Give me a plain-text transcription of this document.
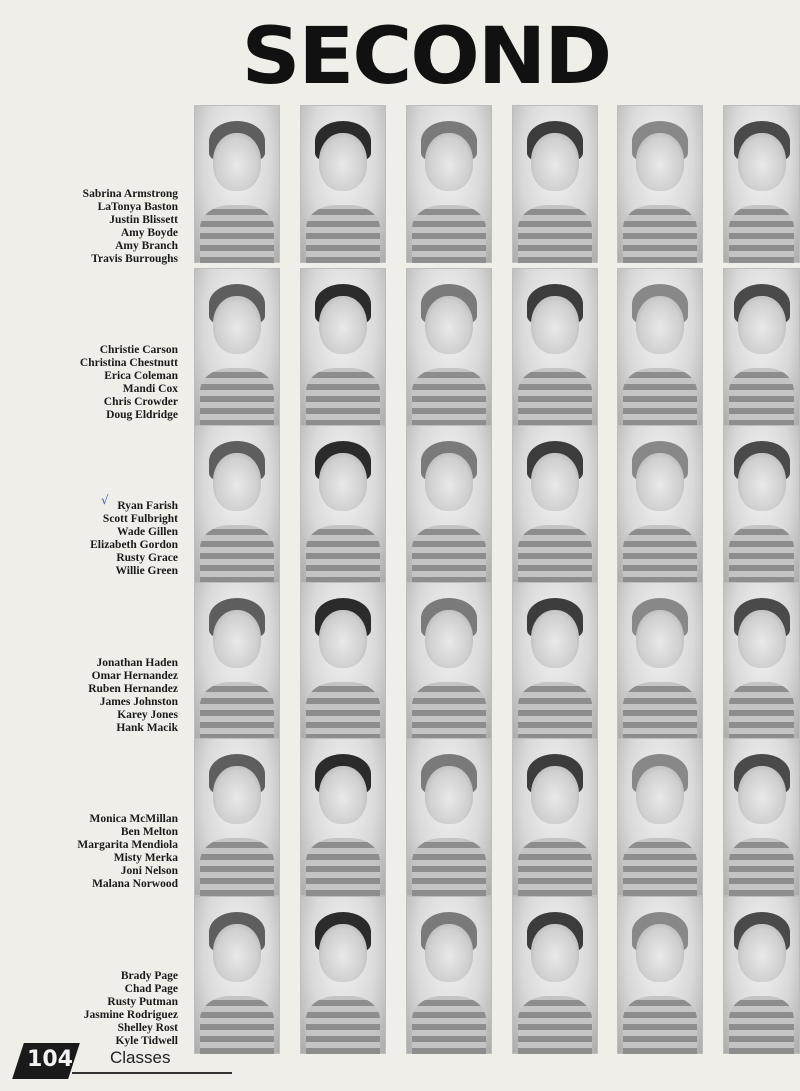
SECOND
Sabrina Armstrong
LaTonya Baston
Justin Blissett
Amy Boyde
Amy Branch
Travis Burroughs
Christie Carson
Christina Chestnutt
Erica Coleman
Mandi Cox
Chris Crowder
Doug Eldridge
Ryan Farish
Scott Fulbright
Wade Gillen
Elizabeth Gordon
Rusty Grace
Willie Green
Jonathan Haden
Omar Hernandez
Ruben Hernandez
James Johnston
Karey Jones
Hank Macik
Monica McMillan
Ben Melton
Margarita Mendiola
Misty Merka
Joni Nelson
Malana Norwood
Brady Page
Chad Page
Rusty Putman
Jasmine Rodriguez
Shelley Rost
Kyle Tidwell
√
104 Classes
